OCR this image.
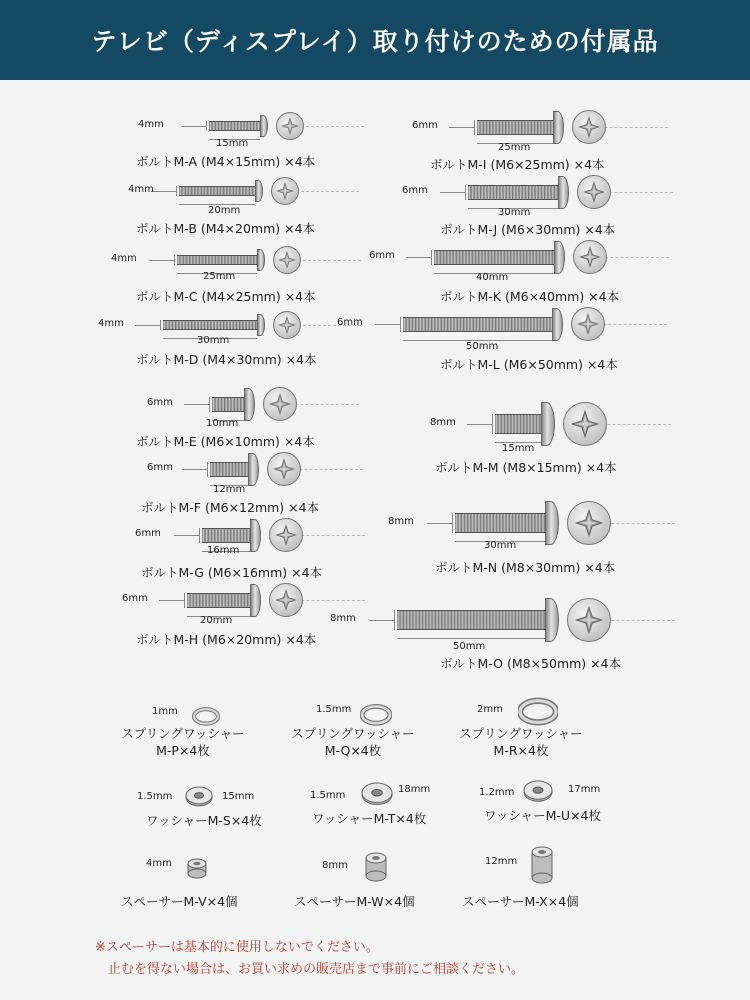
テレビ（ディスプレイ）取り付けのための付属品
4mm
15mm
ボルトM-A (M4×15mm) ×4本
4mm
20mm
ボルトM-B (M4×20mm) ×4本
4mm
25mm
ボルトM-C (M4×25mm) ×4本
4mm
30mm
ボルトM-D (M4×30mm) ×4本
6mm
10mm
ボルトM-E (M6×10mm) ×4本
6mm
12mm
ボルトM-F (M6×12mm) ×4本
6mm
16mm
ボルトM-G (M6×16mm) ×4本
6mm
20mm
ボルトM-H (M6×20mm) ×4本
6mm
25mm
ボルトM-I (M6×25mm) ×4本
6mm
30mm
ボルトM-J (M6×30mm) ×4本
6mm
40mm
ボルトM-K (M6×40mm) ×4本
6mm
50mm
ボルトM-L (M6×50mm) ×4本
8mm
15mm
ボルトM-M (M8×15mm) ×4本
8mm
30mm
ボルトM-N (M8×30mm) ×4本
8mm
50mm
ボルトM-O (M8×50mm) ×4本
1mm
スプリングワッシャー
M-P×4枚
1.5mm
スプリングワッシャー
M-Q×4枚
2mm
スプリングワッシャー
M-R×4枚
1.5mm	15mm
ワッシャーM-S×4枚
1.5mm
18mm
ワッシャーM-T×4枚
1.2mm	17mm
ワッシャーM-U×4枚
4mm
スペーサーM-V×4個
8mm
スペーサーM-W×4個
12mm
スペーサーM-X×4個
※スペーサーは基本的に使用しないでください。
止むを得ない場合は、お買い求めの販売店まで事前にご相談ください。
